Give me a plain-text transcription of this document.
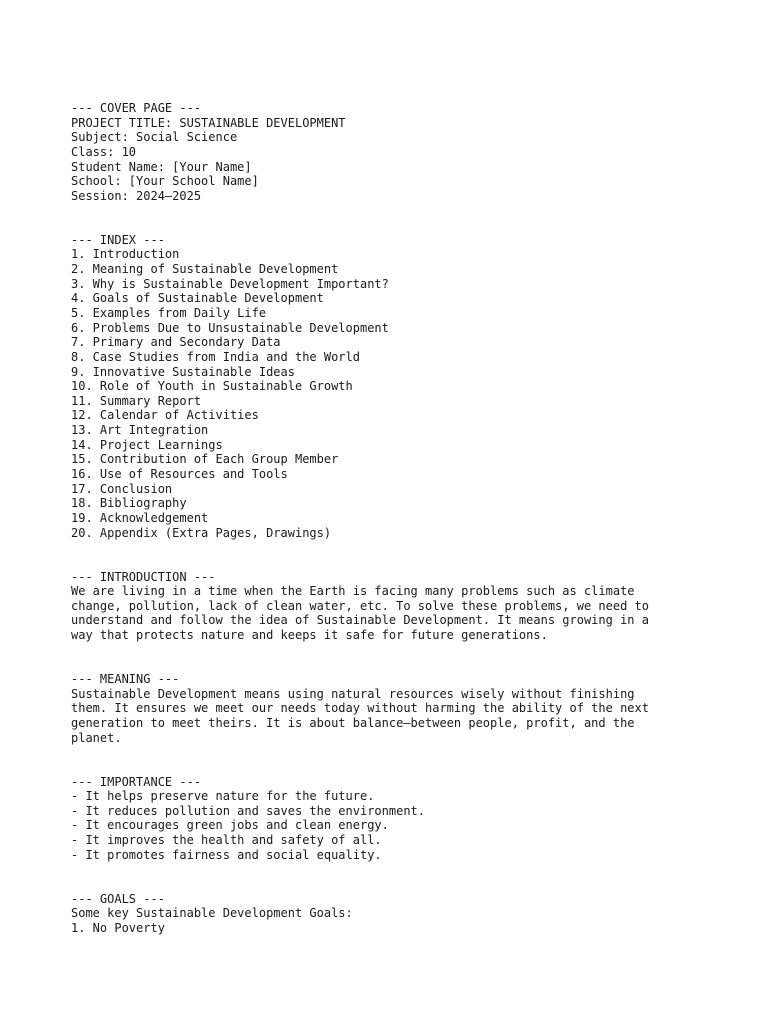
--- COVER PAGE ---
PROJECT TITLE: SUSTAINABLE DEVELOPMENT
Subject: Social Science
Class: 10
Student Name: [Your Name]
School: [Your School Name]
Session: 2024–2025
--- INDEX ---
1. Introduction
2. Meaning of Sustainable Development
3. Why is Sustainable Development Important?
4. Goals of Sustainable Development
5. Examples from Daily Life
6. Problems Due to Unsustainable Development
7. Primary and Secondary Data
8. Case Studies from India and the World
9. Innovative Sustainable Ideas
10. Role of Youth in Sustainable Growth
11. Summary Report
12. Calendar of Activities
13. Art Integration
14. Project Learnings
15. Contribution of Each Group Member
16. Use of Resources and Tools
17. Conclusion
18. Bibliography
19. Acknowledgement
20. Appendix (Extra Pages, Drawings)
--- INTRODUCTION ---
We are living in a time when the Earth is facing many problems such as climate
change, pollution, lack of clean water, etc. To solve these problems, we need to
understand and follow the idea of Sustainable Development. It means growing in a
way that protects nature and keeps it safe for future generations.
--- MEANING ---
Sustainable Development means using natural resources wisely without finishing
them. It ensures we meet our needs today without harming the ability of the next
generation to meet theirs. It is about balance—between people, profit, and the
planet.
--- IMPORTANCE ---
- It helps preserve nature for the future.
- It reduces pollution and saves the environment.
- It encourages green jobs and clean energy.
- It improves the health and safety of all.
- It promotes fairness and social equality.
--- GOALS ---
Some key Sustainable Development Goals:
1. No Poverty
